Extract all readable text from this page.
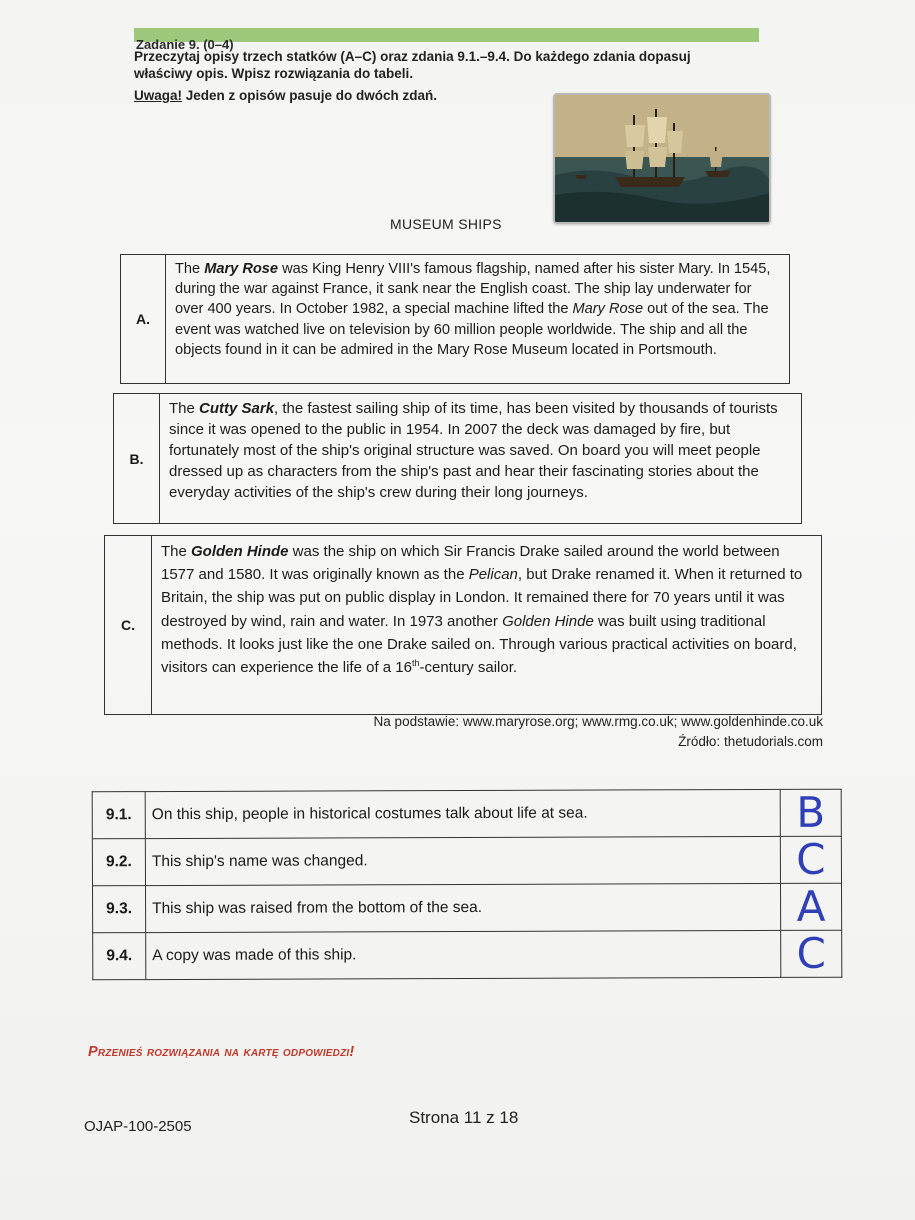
Zadanie 9. (0–4)
Przeczytaj opisy trzech statków (A–C) oraz zdania 9.1.–9.4. Do każdego zdania dopasuj właściwy opis. Wpisz rozwiązania do tabeli.
Uwaga! Jeden z opisów pasuje do dwóch zdań.
MUSEUM SHIPS
A.
The Mary Rose was King Henry VIII's famous flagship, named after his sister Mary. In 1545, during the war against France, it sank near the English coast. The ship lay underwater for over 400 years. In October 1982, a special machine lifted the Mary Rose out of the sea. The event was watched live on television by 60 million people worldwide. The ship and all the objects found in it can be admired in the Mary Rose Museum located in Portsmouth.
B.
The Cutty Sark, the fastest sailing ship of its time, has been visited by thousands of tourists since it was opened to the public in 1954. In 2007 the deck was damaged by fire, but fortunately most of the ship's original structure was saved. On board you will meet people dressed up as characters from the ship's past and hear their fascinating stories about the everyday activities of the ship's crew during their long journeys.
C.
The Golden Hinde was the ship on which Sir Francis Drake sailed around the world between 1577 and 1580. It was originally known as the Pelican, but Drake renamed it. When it returned to Britain, the ship was put on public display in London. It remained there for 70 years until it was destroyed by wind, rain and water. In 1973 another Golden Hinde was built using traditional methods. It looks just like the one Drake sailed on. Through various practical activities on board, visitors can experience the life of a 16th-century sailor.
Na podstawie: www.maryrose.org; www.rmg.co.uk; www.goldenhinde.co.uk
Źródło: thetudorials.com
9.1.	On this ship, people in historical costumes talk about life at sea.	B
9.2.	This ship's name was changed.	C
9.3.	This ship was raised from the bottom of the sea.	A
9.4.	A copy was made of this ship.	C
Przenieś rozwiązania na kartę odpowiedzi!
OJAP-100-2505	Strona 11 z 18
